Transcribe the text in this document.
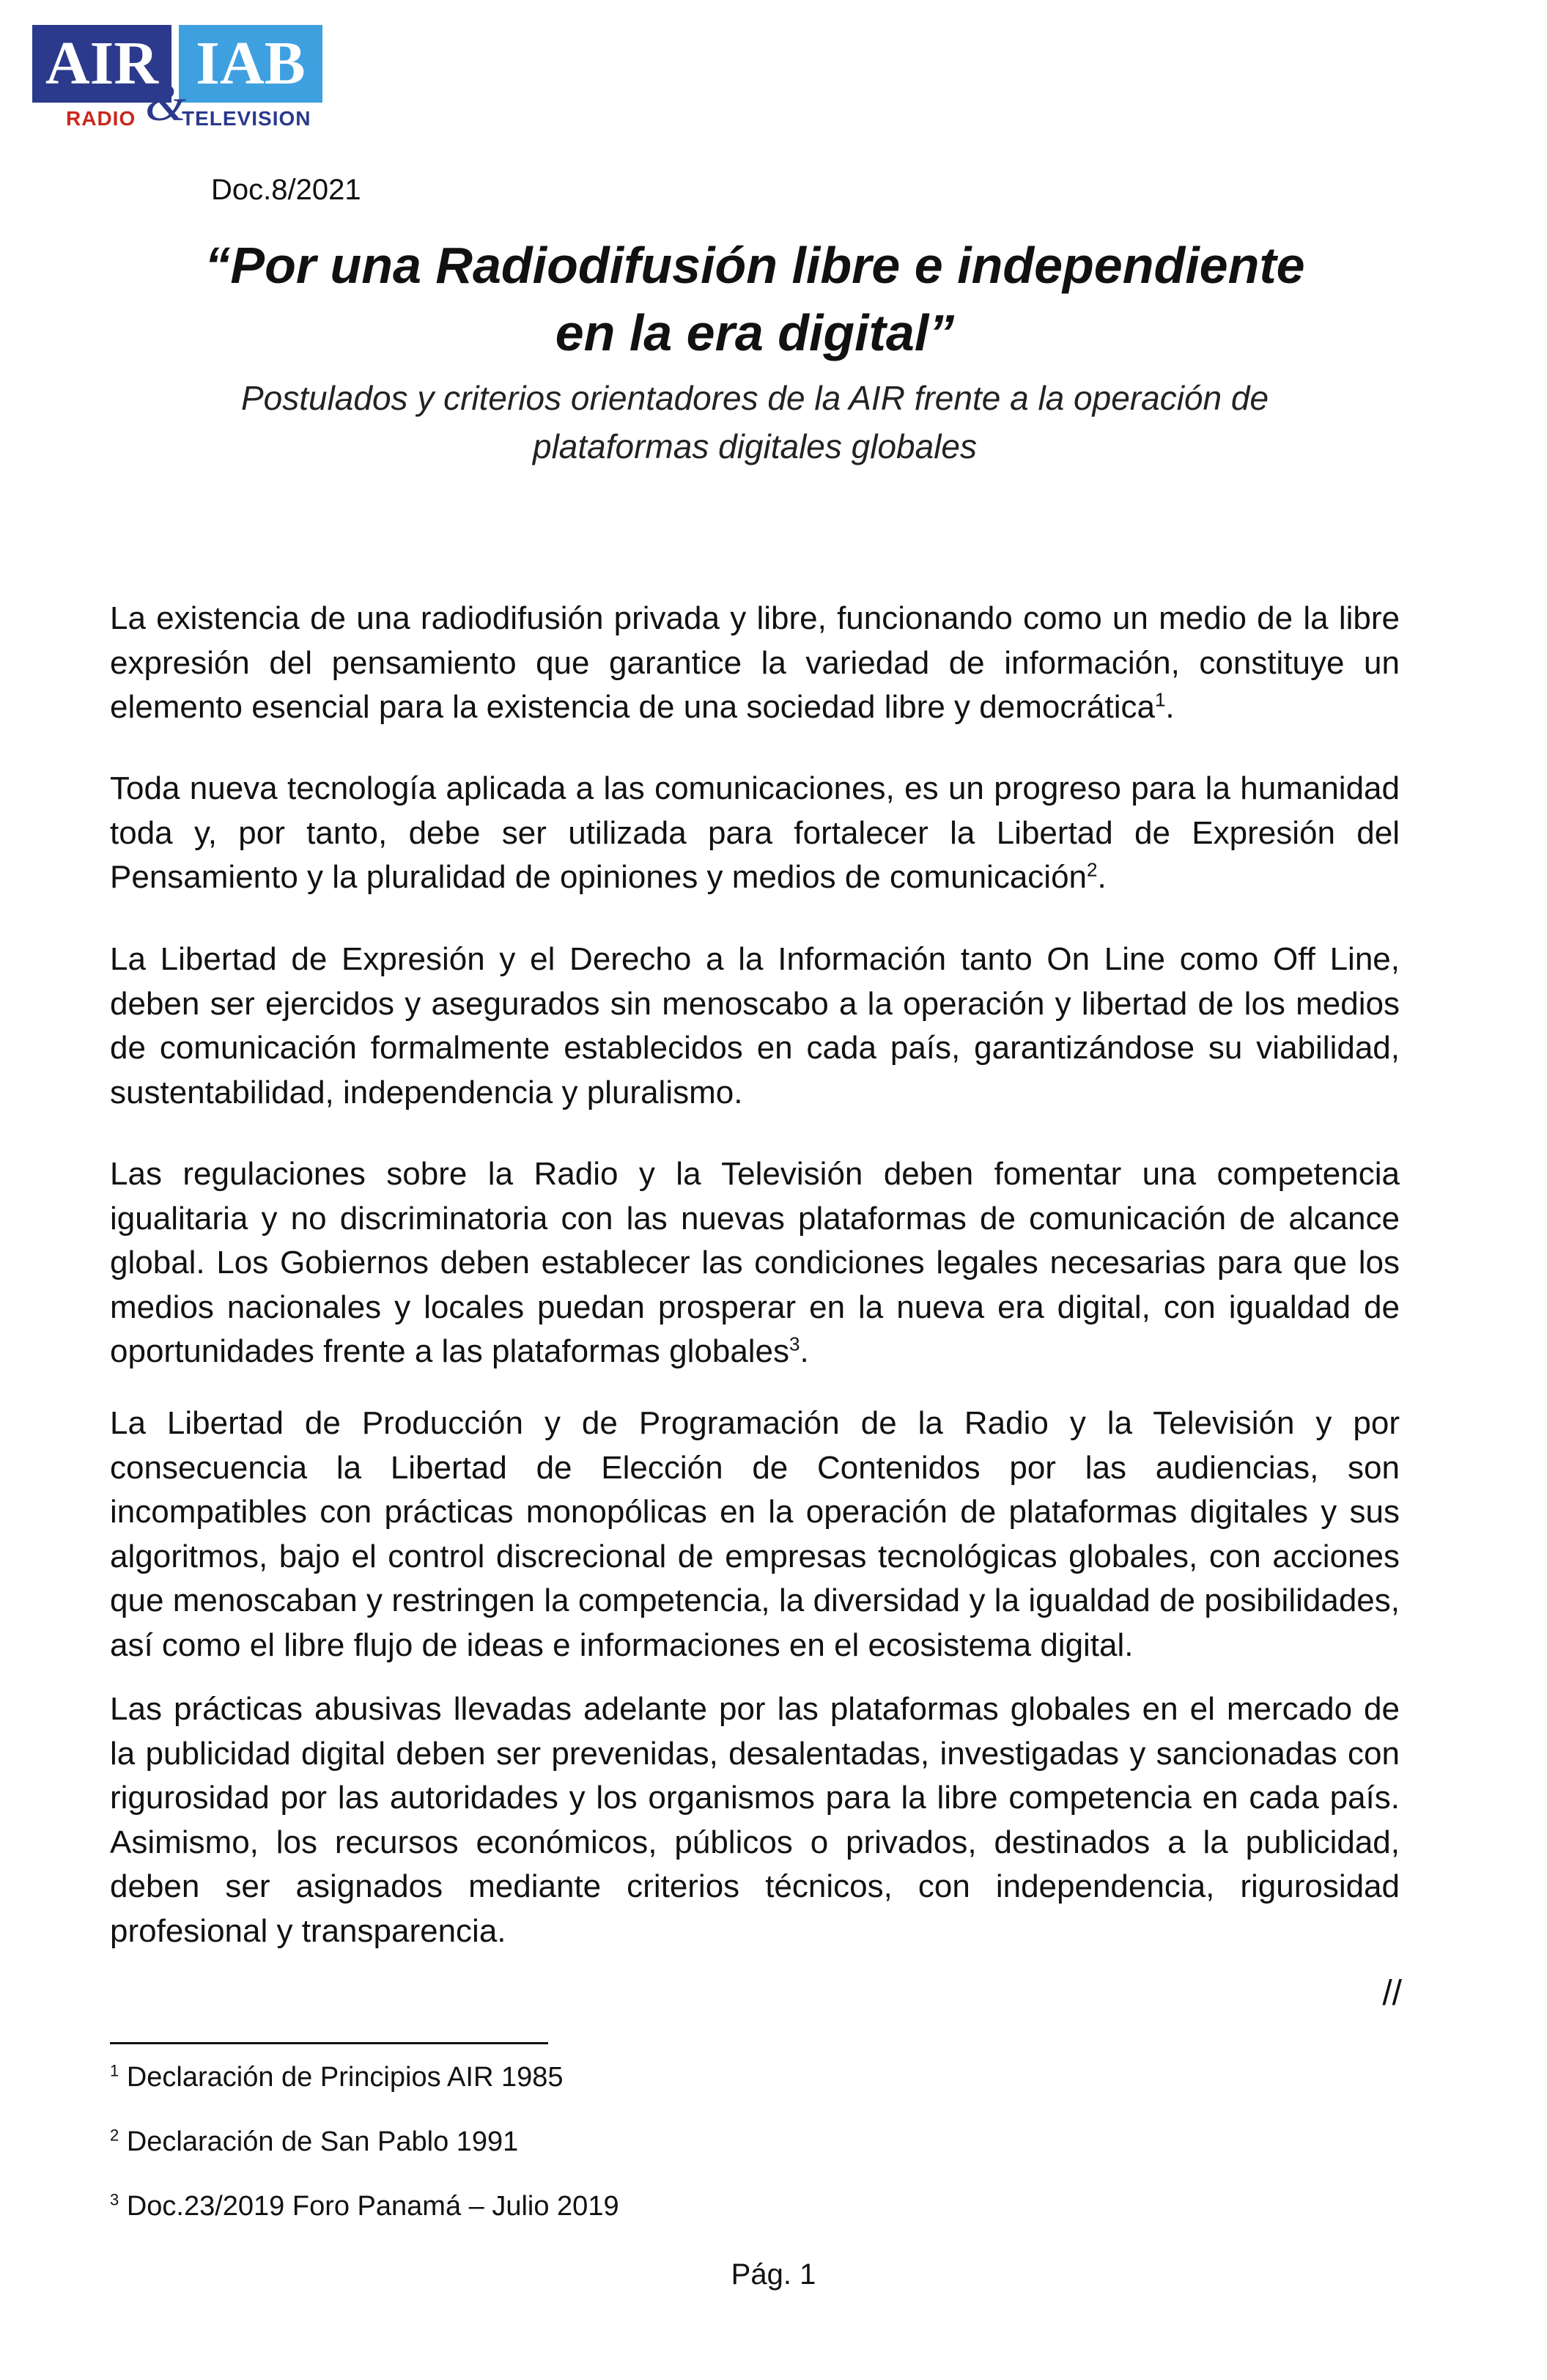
AIR IAB
RADIO &
TELEVISION
Doc.8/2021
“Por una Radiodifusión libre e independiente
en la era digital”
Postulados y criterios orientadores de la AIR frente a la operación de
plataformas digitales globales

La existencia de una radiodifusión privada y libre, funcionando como un medio de la libre expresión del pensamiento que garantice la variedad de información, constituye un elemento esencial para la existencia de una sociedad libre y democrática$^1$.

Toda nueva tecnología aplicada a las comunicaciones, es un progreso para la humanidad toda y, por tanto, debe ser utilizada para fortalecer la Libertad de Expresión del Pensamiento y la pluralidad de opiniones y medios de comunicación$^2$.

La Libertad de Expresión y el Derecho a la Información tanto On Line como Off Line, deben ser ejercidos y asegurados sin menoscabo a la operación y libertad de los medios de comunicación formalmente establecidos en cada país, garantizándose su viabilidad, sustentabilidad, independencia y pluralismo.

Las regulaciones sobre la Radio y la Televisión deben fomentar una competencia igualitaria y no discriminatoria con las nuevas plataformas de comunicación de alcance global. Los Gobiernos deben establecer las condiciones legales necesarias para que los medios nacionales y locales puedan prosperar en la nueva era digital, con igualdad de oportunidades frente a las plataformas globales$^3$.

La Libertad de Producción y de Programación de la Radio y la Televisión y por consecuencia la Libertad de Elección de Contenidos por las audiencias, son incompatibles con prácticas monopólicas en la operación de plataformas digitales y sus algoritmos, bajo el control discrecional de empresas tecnológicas globales, con acciones que menoscaban y restringen la competencia, la diversidad y la igualdad de posibilidades, así como el libre flujo de ideas e informaciones en el ecosistema digital.

Las prácticas abusivas llevadas adelante por las plataformas globales en el mercado de la publicidad digital deben ser prevenidas, desalentadas, investigadas y sancionadas con rigurosidad por las autoridades y los organismos para la libre competencia en cada país. Asimismo, los recursos económicos, públicos o privados, destinados a la publicidad, deben ser asignados mediante criterios técnicos, con independencia, rigurosidad profesional y transparencia.

//
$^1$ Declaración de Principios AIR 1985
$^2$ Declaración de San Pablo 1991
$^3$ Doc.23/2019 Foro Panamá – Julio 2019
Pág. 1
